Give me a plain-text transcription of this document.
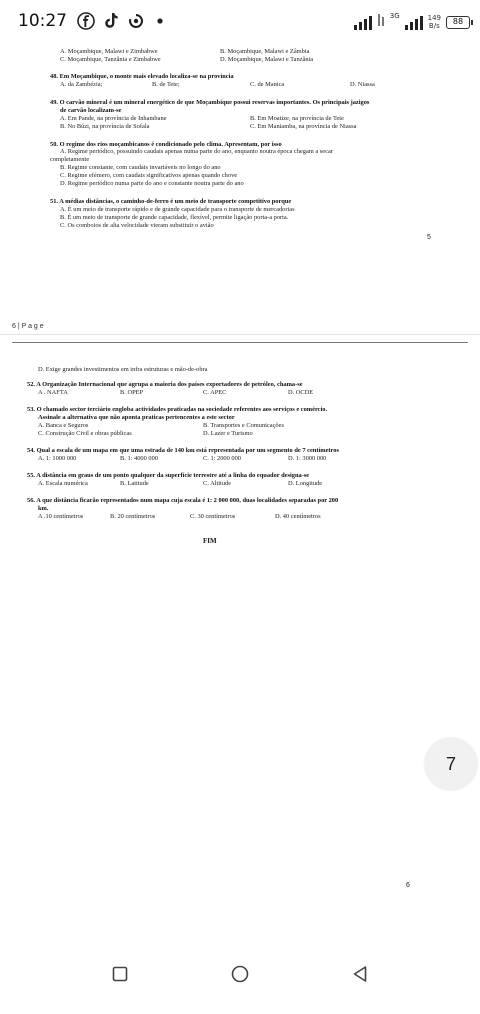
10:27	3G	149
B/s
88
A. Moçambique, Malawi e Zimbabwe	B. Moçambique, Malawi e Zâmbia
C. Moçambique, Tanzânia e Zimbabwe	D. Moçambique, Malawi e Tanzânia
48. Em Moçambique, o monte mais elevado localiza-se na província
A. da Zambézia;	B. de Tete;	C. de Manica	D. Niassa
49. O carvão mineral é um mineral energético de que Moçambique possui reservas importantes. Os principais jazigos
de carvão localizam-se
A. Em Pande, na província de Inhambane	B. Em Moatize, na província de Tete
B. No Búzi, na província de Sofala	C. Em Maniamba, na província de Niassa
50. O regime dos rios moçambicanos é condicionado pelo clima. Apresentam, por isso
A. Regime periódico, possuindo caudais apenas numa parte do ano, enquanto noutra época chegam a secar
completamente
B. Regime constante, com caudais invariáveis no longo do ano
C. Regime efémero, com caudais significativos apenas quando chove
D. Regime periódico numa parte do ano e constante noutra parte do ano
51. A médias distâncias, o caminho-de-ferro é um meio de transporte competitivo porque
A. É um meio de transporte rápido e de grande capacidade para o transporte de mercadorias
B. É um meio de transporte de grande capacidade, flexível, permite ligação porta-a porta.
C. Os comboios de alta velocidade vieram substituir o avião
5
6 | P a g e
D. Exige grandes investimentos em infra estruturas e mão-de-obra
52. A Organização Internacional que agrupa a maioria dos países exportadores de petróleo, chama-se
A . NAFTA	B. OPEP	C. APEC	D. OCDE
53. O chamado sector terciário engloba actividades praticadas na sociedade referentes aos serviços e comércio.
Assinale a alternativa que não aponta praticas pertencentes a este sector
A. Banca e Seguros	B. Transportes e Comunicações
C. Construção Civil e obras públicas	D. Lazer e Turismo
54. Qual a escala de um mapa em que uma estrada de 140 km está representada por um segmento de 7 centímetros
A. 1: 1000 000	B. 1: 4000 000	C. 1: 2000 000	D. 1: 3000 000
55. A distância em graus de um ponto qualquer da superfície terrestre até a linha do equador designa-se
A. Escala numérica	B. Latitude	C. Altitude	D. Longitude
56. A que distância ficarão representados num mapa cuja escala é 1: 2 000 000, duas localidades separadas por 200
km.
A .10 centímetros	B. 20 centímetros	C. 30 centímetros	D. 40 centímetros
FIM
6
7
